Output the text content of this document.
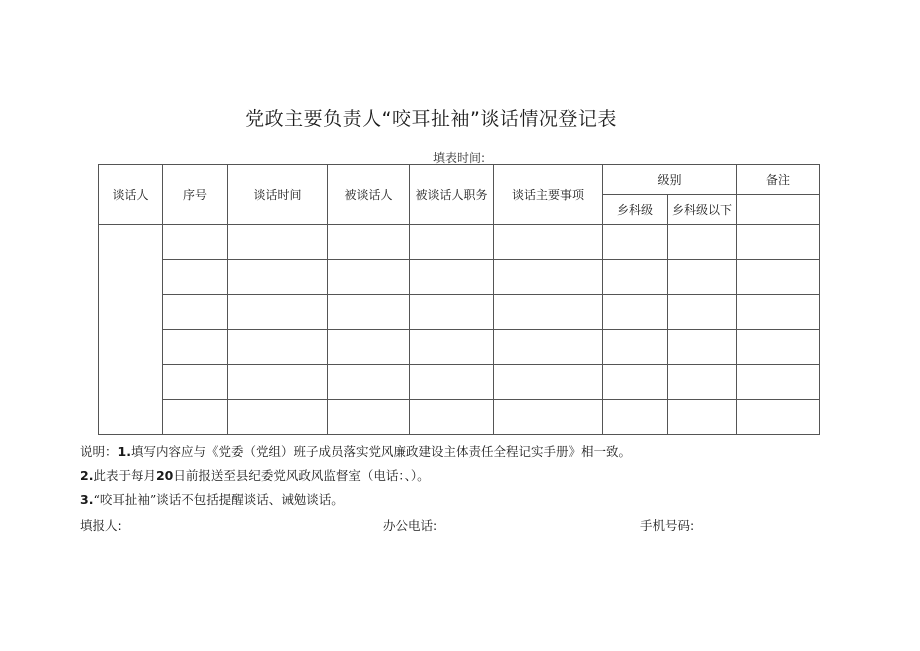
党政主要负责人“咬耳扯袖”谈话情况登记表
填表时间:
谈话人	序号	谈话时间	被谈话人	被谈话人职务	谈话主要事项	级别		备注
						乡科级	乡科级以下	

说明：1.填写内容应与《党委（党组）班子成员落实党风廉政建设主体责任全程记实手册》相一致。
2.此表于每月20日前报送至县纪委党风政风监督室（电话：、）。
3.“咬耳扯袖”谈话不包括提醒谈话、诫勉谈话。
填报人:	办公电话:	手机号码:
